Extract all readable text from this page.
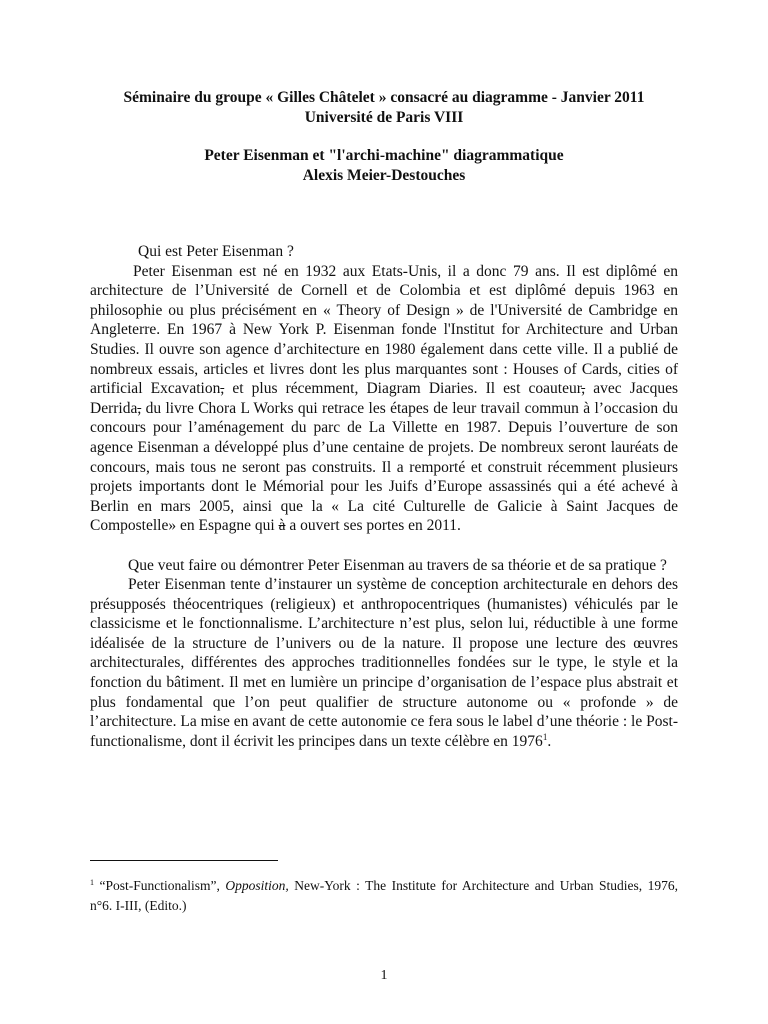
Séminaire du groupe « Gilles Châtelet » consacré au diagramme - Janvier 2011
Université de Paris VIII
Peter Eisenman et "l'archi-machine" diagrammatique
Alexis Meier-Destouches

Qui est Peter Eisenman ?

Peter Eisenman est né en 1932 aux Etats-Unis, il a donc 79 ans. Il est diplômé en architecture de l’Université de Cornell et de Colombia et est diplômé depuis 1963 en philosophie ou plus précisément en « Theory of Design » de l'Université de Cambridge en Angleterre. En 1967 à New York P. Eisenman fonde l'Institut for Architecture and Urban Studies. Il ouvre son agence d’architecture en 1980 également dans cette ville. Il a publié de nombreux essais, articles et livres dont les plus marquantes sont : Houses of Cards, cities of artificial Excavation, et plus récemment, Diagram Diaries. Il est coauteur, avec Jacques Derrida, du livre Chora L Works qui retrace les étapes de leur travail commun à l’occasion du concours pour l’aménagement du parc de La Villette en 1987. Depuis l’ouverture de son agence Eisenman a développé plus d’une centaine de projets. De nombreux seront lauréats de concours, mais tous ne seront pas construits. Il a remporté et construit récemment plusieurs projets importants dont le Mémorial pour les Juifs d’Europe assassinés qui a été achevé à Berlin en mars 2005, ainsi que la « La cité Culturelle de Galicie à Saint Jacques de Compostelle» en Espagne qui à a ouvert ses portes en 2011.

Que veut faire ou démontrer Peter Eisenman au travers de sa théorie et de sa pratique ?

Peter Eisenman tente d’instaurer un système de conception architecturale en dehors des présupposés théocentriques (religieux) et anthropocentriques (humanistes) véhiculés par le classicisme et le fonctionnalisme. L’architecture n’est plus, selon lui, réductible à une forme idéalisée de la structure de l’univers ou de la nature. Il propose une lecture des œuvres architecturales, différentes des approches traditionnelles fondées sur le type, le style et la fonction du bâtiment. Il met en lumière un principe d’organisation de l’espace plus abstrait et plus fondamental que l’on peut qualifier de structure autonome ou « profonde » de l’architecture. La mise en avant de cette autonomie ce fera sous le label d’une théorie : le Post-functionalisme, dont il écrivit les principes dans un texte célèbre en 1976$^1$.

$^1$ “Post-Functionalism”, Opposition, New-York : The Institute for Architecture and Urban Studies, 1976, n°6. I-III, (Edito.)

1
